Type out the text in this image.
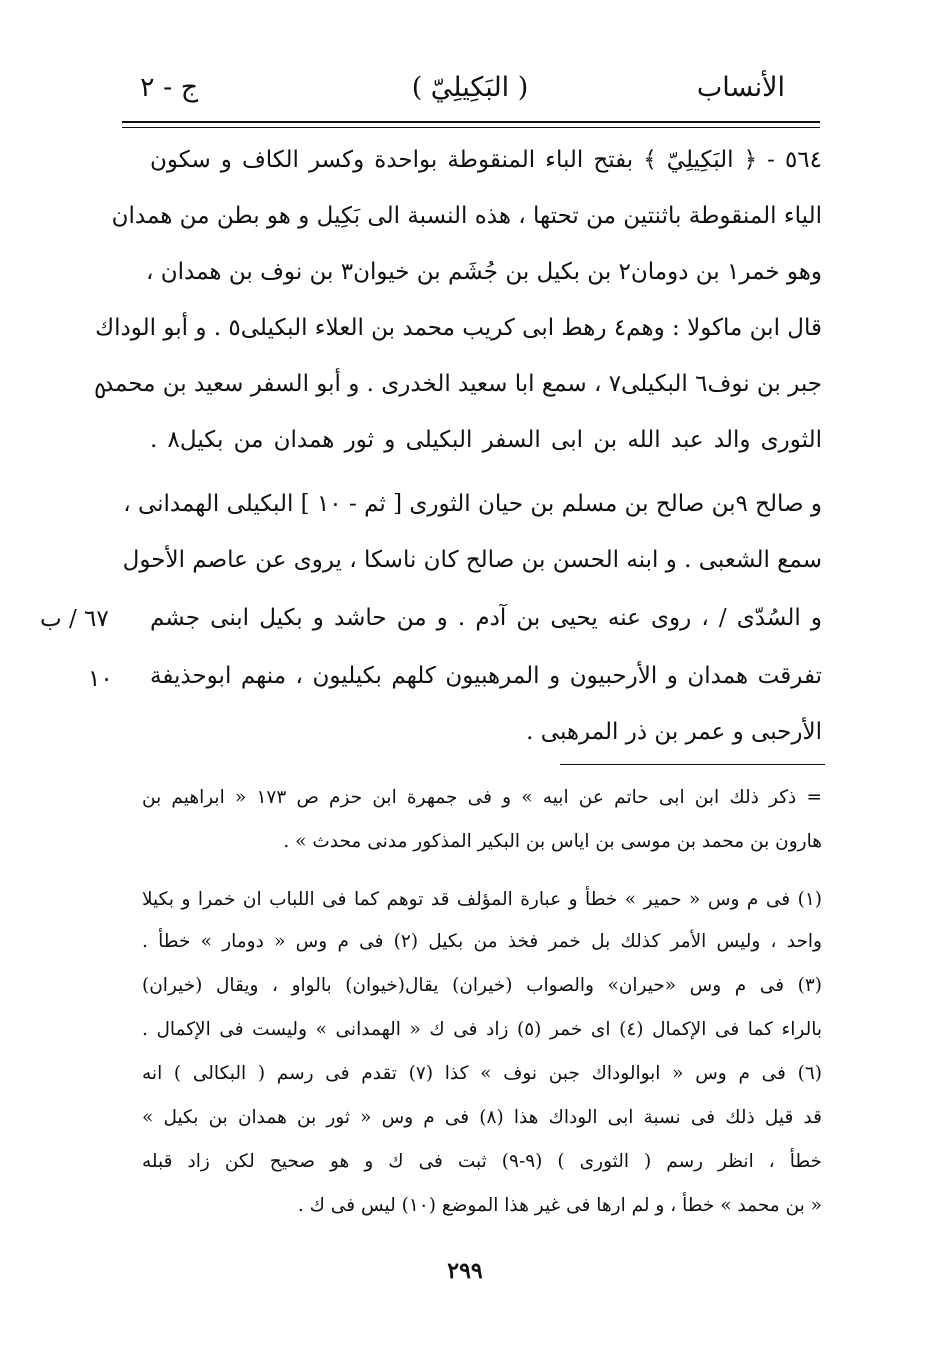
ج - ٢	( البَكِيلِيّ )	الأنساب
٥٦٤ - ﴿ البَكِيلِيّ ﴾ بفتح الباء المنقوطة بواحدة وكسر الكاف و سكون
الياء المنقوطة باثنتين من تحتها ، هذه النسبة الى بَكِيل و هو بطن من همدان
وهو خمر١ بن دومان٢ بن بكيل بن جُشَم بن خيوان٣ بن نوف بن همدان ،
قال ابن ماكولا : وهم٤ رهط ابى كريب محمد بن العلاء البكيلى٥ . و أبو الوداك
جبر بن نوف٦ البكيلى٧ ، سمع ابا سعيد الخدرى . و أبو السفر سعيد بن محمد
الثورى والد عبد الله بن ابى السفر البكيلى و ثور همدان من بكيل٨ .
و صالح ٩بن صالح بن مسلم بن حيان الثورى [ ثم - ١٠ ] البكيلى الهمدانى ،
سمع الشعبى . و ابنه الحسن بن صالح كان ناسكا ، يروى عن عاصم الأحول
و السُدّى / ، روى عنه يحيى بن آدم . و من حاشد و بكيل ابنى جشم
تفرقت همدان و الأرحبيون و المرهبيون كلهم بكيليون ، منهم ابوحذيفة
الأرحبى و عمر بن ذر المرهبى .
٥
٦٧ / ب
١٠
= ذكر ذلك ابن ابى حاتم عن ابيه » و فى جمهرة ابن حزم ص ١٧٣ « ابراهيم بن
هارون بن محمد بن موسى بن اياس بن البكير المذكور مدنى محدث » .
(١) فى م وس « حمير » خطأ و عبارة المؤلف قد توهم كما فى اللباب ان خمرا و بكيلا
واحد ، وليس الأمر كذلك بل خمر فخذ من بكيل (٢) فى م وس « دومار » خطأ .
(٣) فى م وس «حيران» والصواب (خيران) يقال(خيوان) بالواو ، ويقال (خيران)
بالراء كما فى الإكمال (٤) اى خمر (٥) زاد فى ك « الهمدانى » وليست فى الإكمال .
(٦) فى م وس « ابوالوداك جبن نوف » كذا (٧) تقدم فى رسم ( البكالى ) انه
قد قيل ذلك فى نسبة ابى الوداك هذا (٨) فى م وس « ثور بن همدان بن بكيل »
خطأ ، انظر رسم ( الثورى ) (٩-٩) ثبت فى ك و هو صحيح لكن زاد قبله
« بن محمد » خطأ ، و لم ارها فى غير هذا الموضع (١٠) ليس فى ك .
٢٩٩
